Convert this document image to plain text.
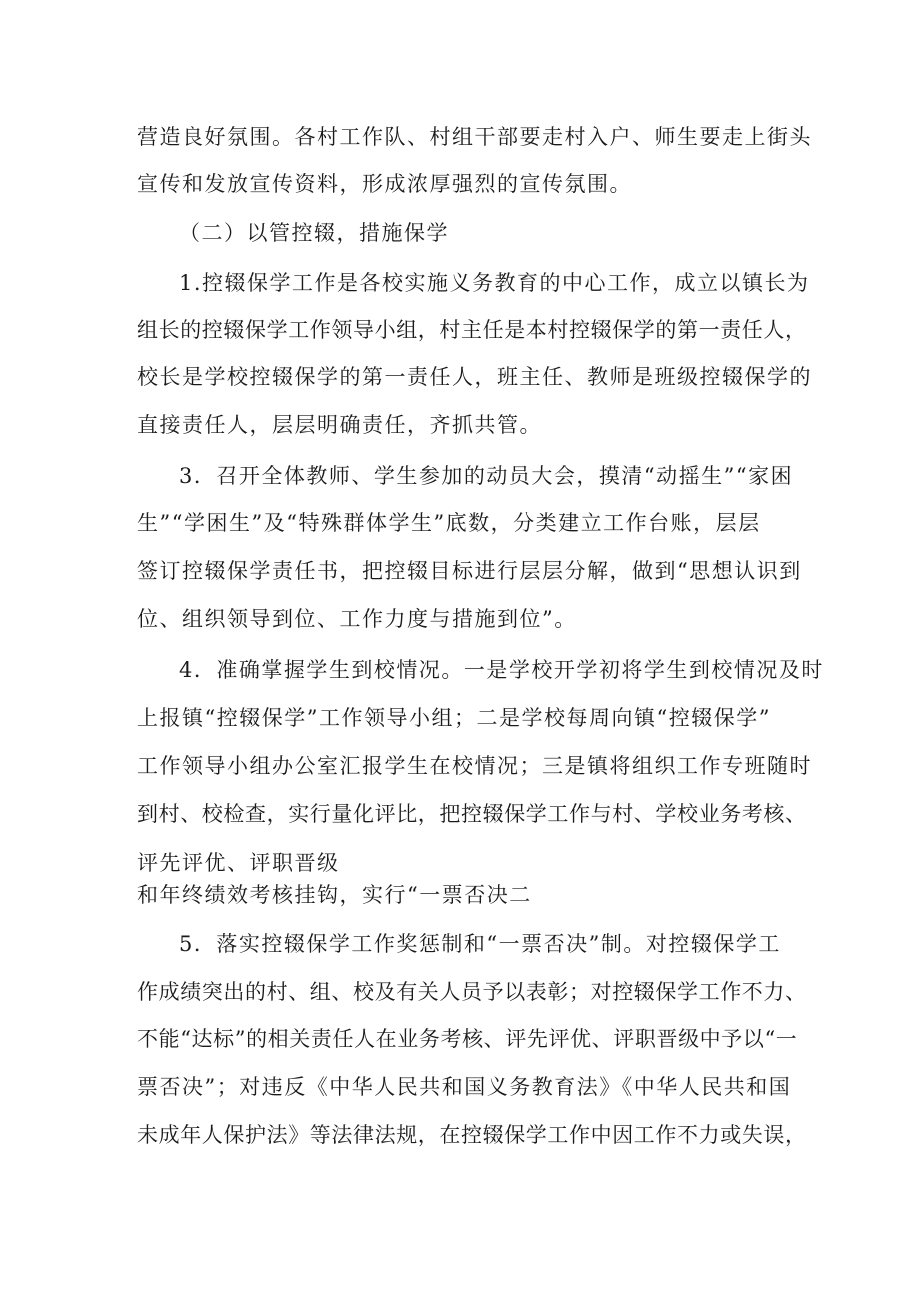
营造良好氛围。各村工作队、村组干部要走村入户、师生要走上街头
宣传和发放宣传资料，形成浓厚强烈的宣传氛围。
（二）以管控辍，措施保学
1.控辍保学工作是各校实施义务教育的中心工作，成立以镇长为
组长的控辍保学工作领导小组，村主任是本村控辍保学的第一责任人，
校长是学校控辍保学的第一责任人，班主任、教师是班级控辍保学的
直接责任人，层层明确责任，齐抓共管。
3．召开全体教师、学生参加的动员大会，摸清“动摇生”“家困
生”“学困生”及“特殊群体学生”底数，分类建立工作台账，层层
签订控辍保学责任书，把控辍目标进行层层分解，做到“思想认识到
位、组织领导到位、工作力度与措施到位”。
4．准确掌握学生到校情况。一是学校开学初将学生到校情况及时
上报镇“控辍保学”工作领导小组；二是学校每周向镇“控辍保学”
工作领导小组办公室汇报学生在校情况；三是镇将组织工作专班随时
到村、校检查，实行量化评比，把控辍保学工作与村、学校业务考核、
评先评优、评职晋级
和年终绩效考核挂钩，实行“一票否决二
5．落实控辍保学工作奖惩制和“一票否决”制。对控辍保学工
作成绩突出的村、组、校及有关人员予以表彰；对控辍保学工作不力、
不能“达标”的相关责任人在业务考核、评先评优、评职晋级中予以“一
票否决”；对违反《中华人民共和国义务教育法》《中华人民共和国
未成年人保护法》等法律法规，在控辍保学工作中因工作不力或失误，
